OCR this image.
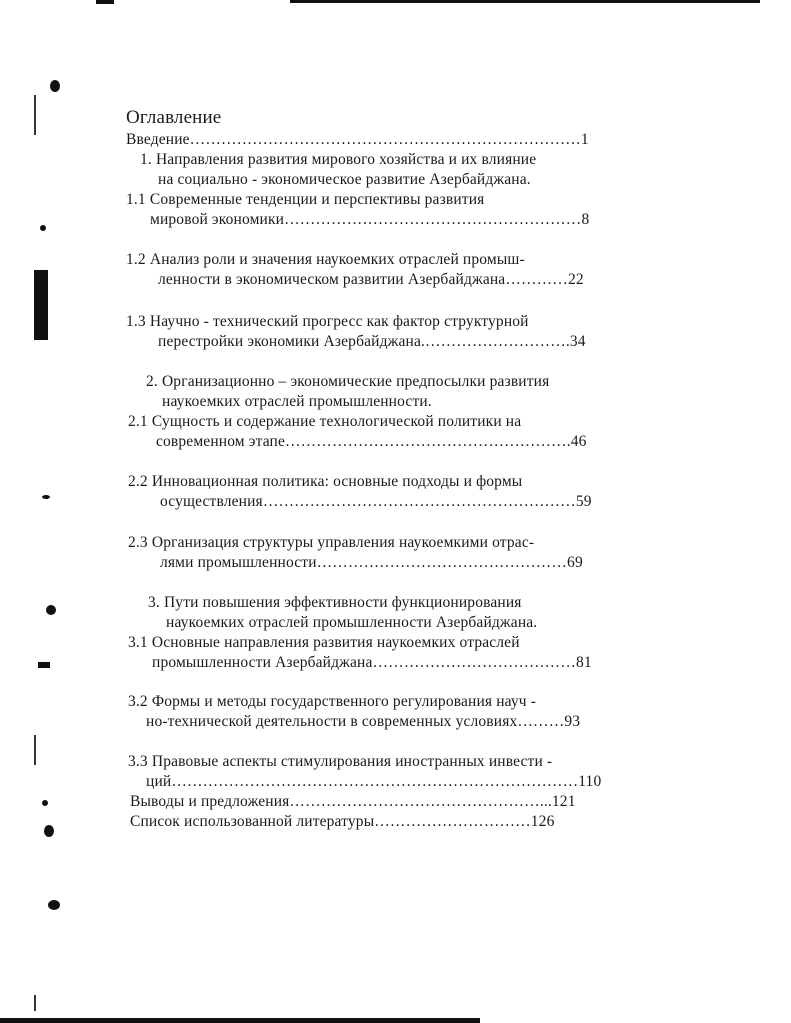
Оглавление
Введение…………………………………………………………………1
1. Направления развития мирового хозяйства и их влияние
на социально - экономическое развитие Азербайджана.
1.1 Современные тенденции и перспективы развития
мировой экономики…………………………………………………8
1.2 Анализ роли и значения наукоемких отраслей промыш-
ленности в экономическом развитии Азербайджана…………22
1.3 Научно - технический прогресс как фактор структурной
перестройки экономики Азербайджана.……………………….34
2. Организационно – экономические предпосылки развития
наукоемких отраслей промышленности.
2.1 Сущность и содержание технологической политики на
современном этапе……………………………………………….46
2.2 Инновационная политика: основные подходы и формы
осуществления……………………………………………………59
2.3 Организация структуры управления наукоемкими отрас-
лями промышленности…………………………………………69
3. Пути повышения эффективности функционирования
наукоемких отраслей промышленности Азербайджана.
3.1 Основные направления развития наукоемких отраслей
промышленности Азербайджана…………………………………81
3.2 Формы и методы государственного регулирования науч -
но-технической деятельности в современных условиях………93
3.3 Правовые аспекты стимулирования иностранных инвести -
ций……………………………………………………………………110
Выводы и предложения…………………………………………...121
Список использованной литературы…………………………126
